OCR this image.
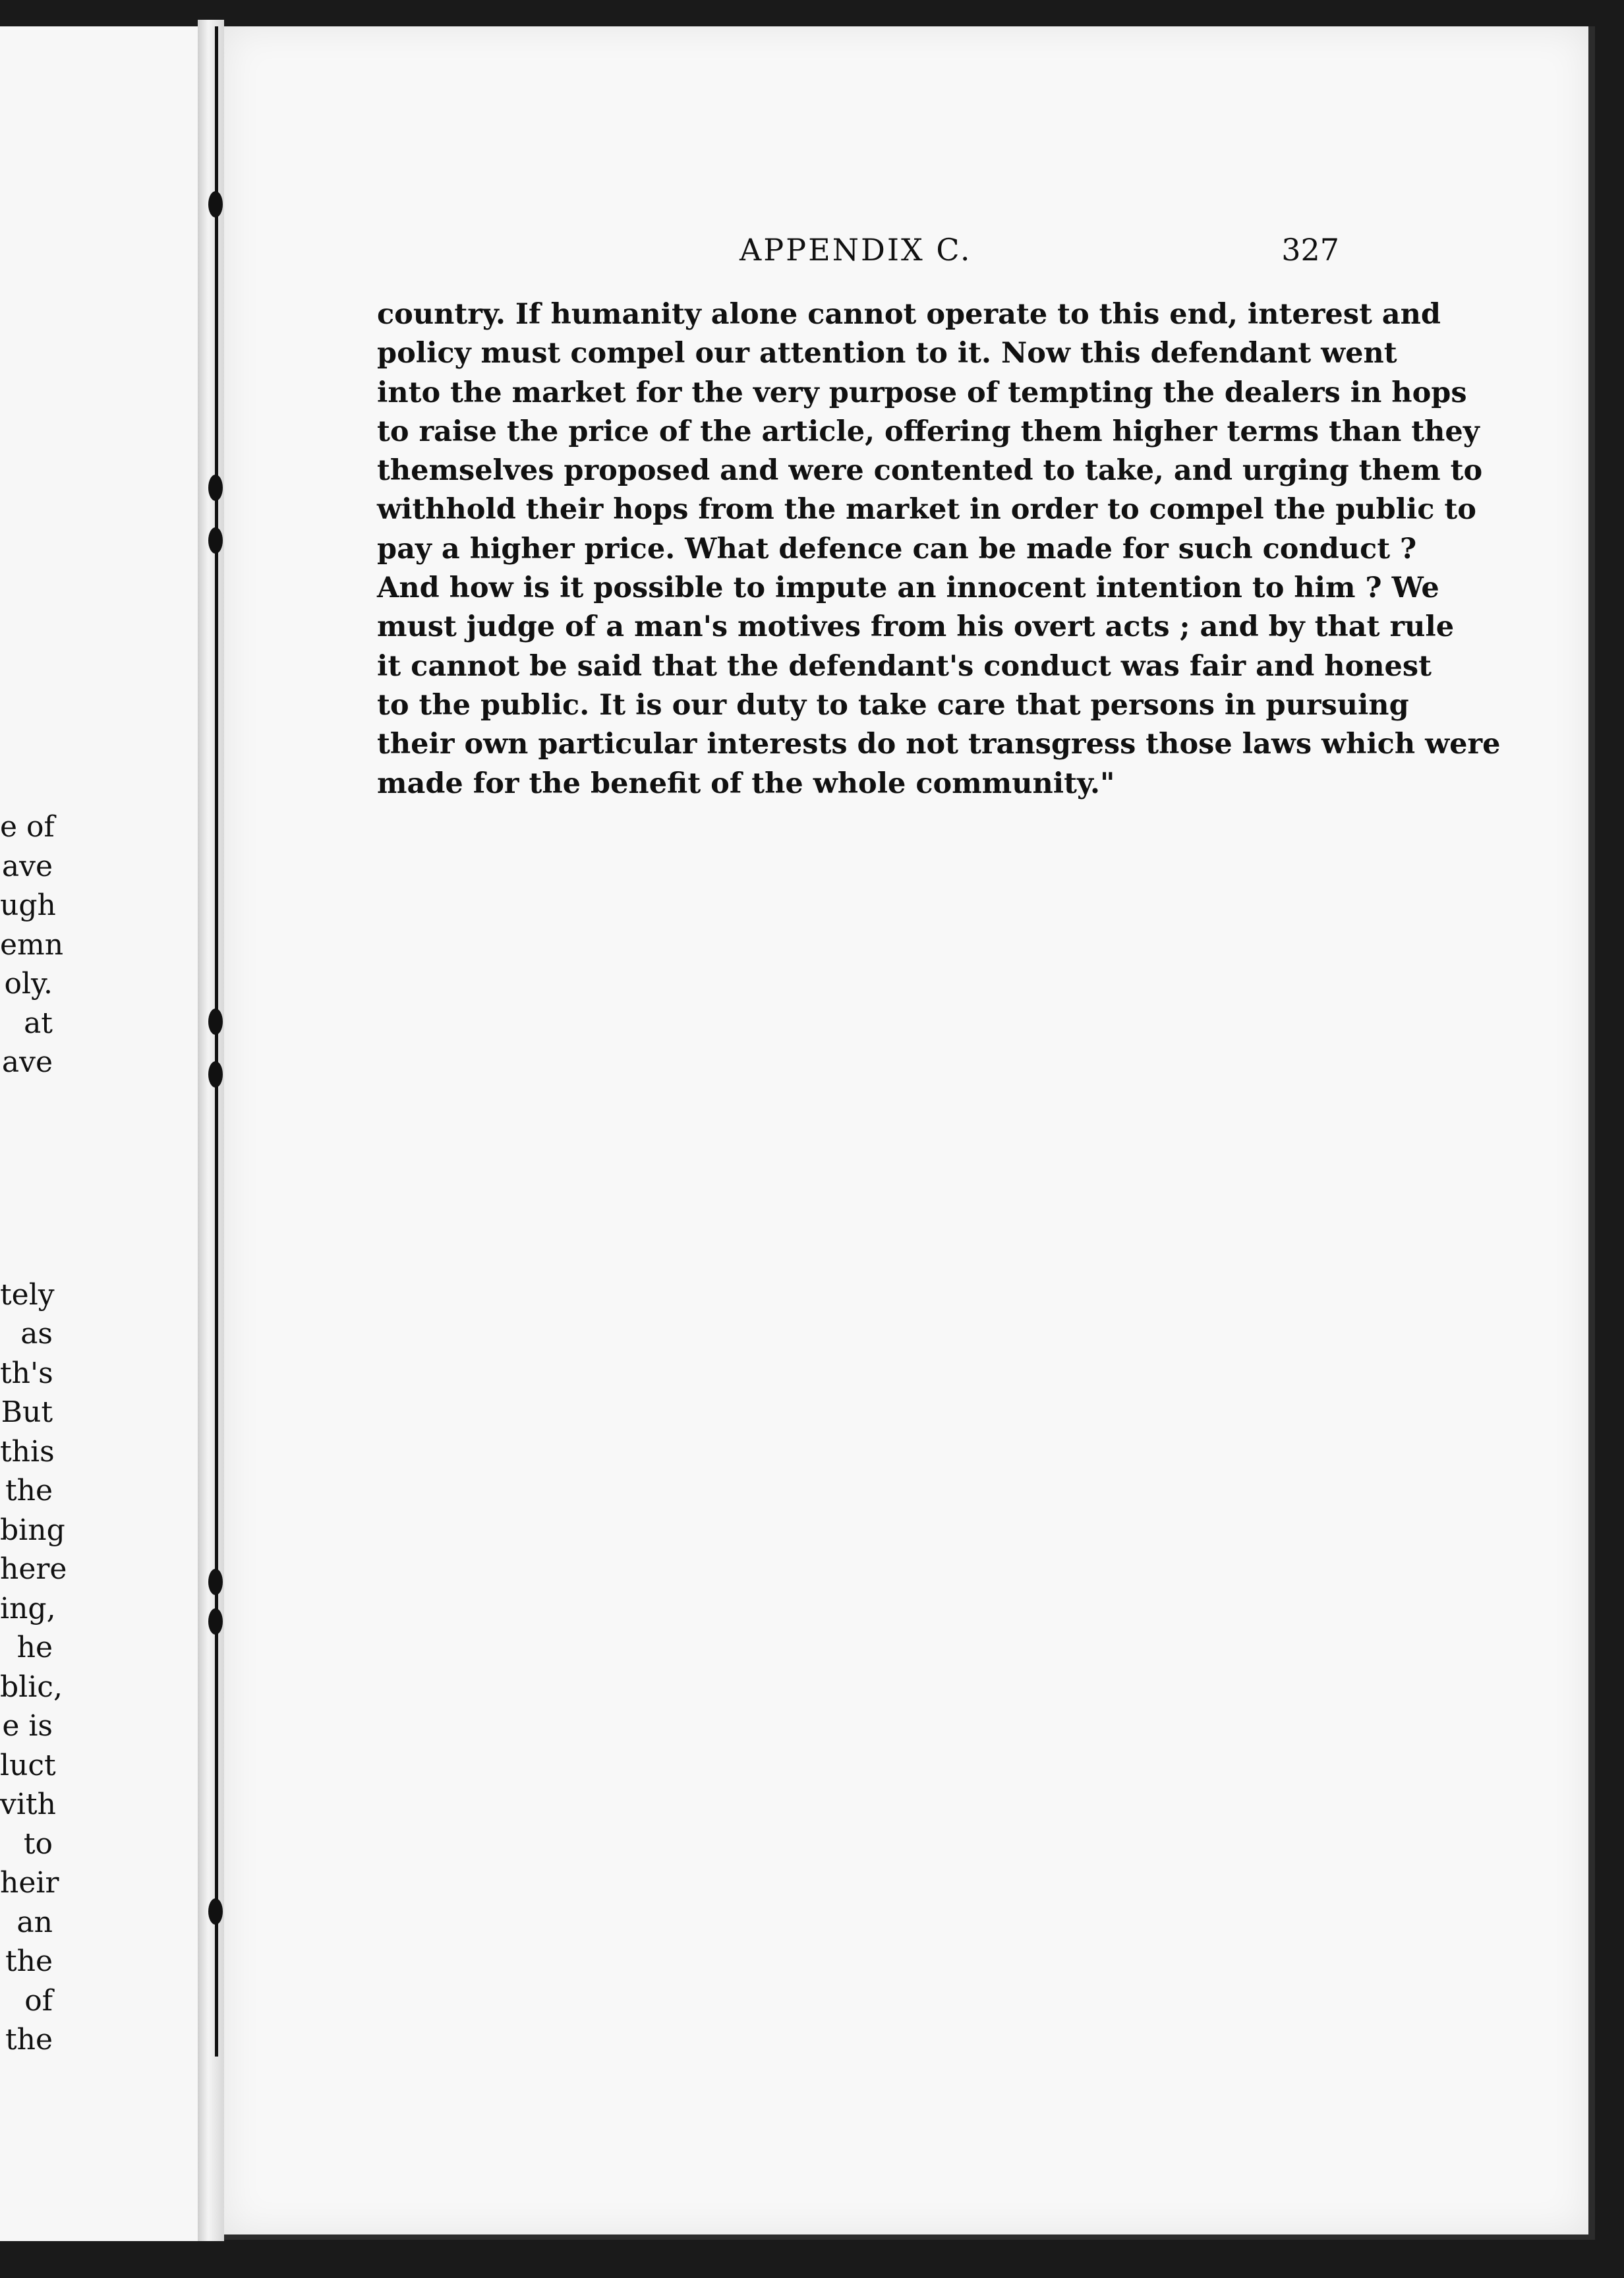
e of
ave
ugh
emn
oly.
at
ave
tely
as
th's
But
this
the
bing
here
ing,
he
blic,
e is
luct
vith
to
heir
an
the
of
the
APPENDIX C.	327
country. If humanity alone cannot operate to this end, interest and
policy must compel our attention to it. Now this defendant went
into the market for the very purpose of tempting the dealers in hops
to raise the price of the article, offering them higher terms than they
themselves proposed and were contented to take, and urging them to
withhold their hops from the market in order to compel the public to
pay a higher price. What defence can be made for such conduct ?
And how is it possible to impute an innocent intention to him ? We
must judge of a man's motives from his overt acts ; and by that rule
it cannot be said that the defendant's conduct was fair and honest
to the public. It is our duty to take care that persons in pursuing
their own particular interests do not transgress those laws which were
made for the benefit of the whole community."
